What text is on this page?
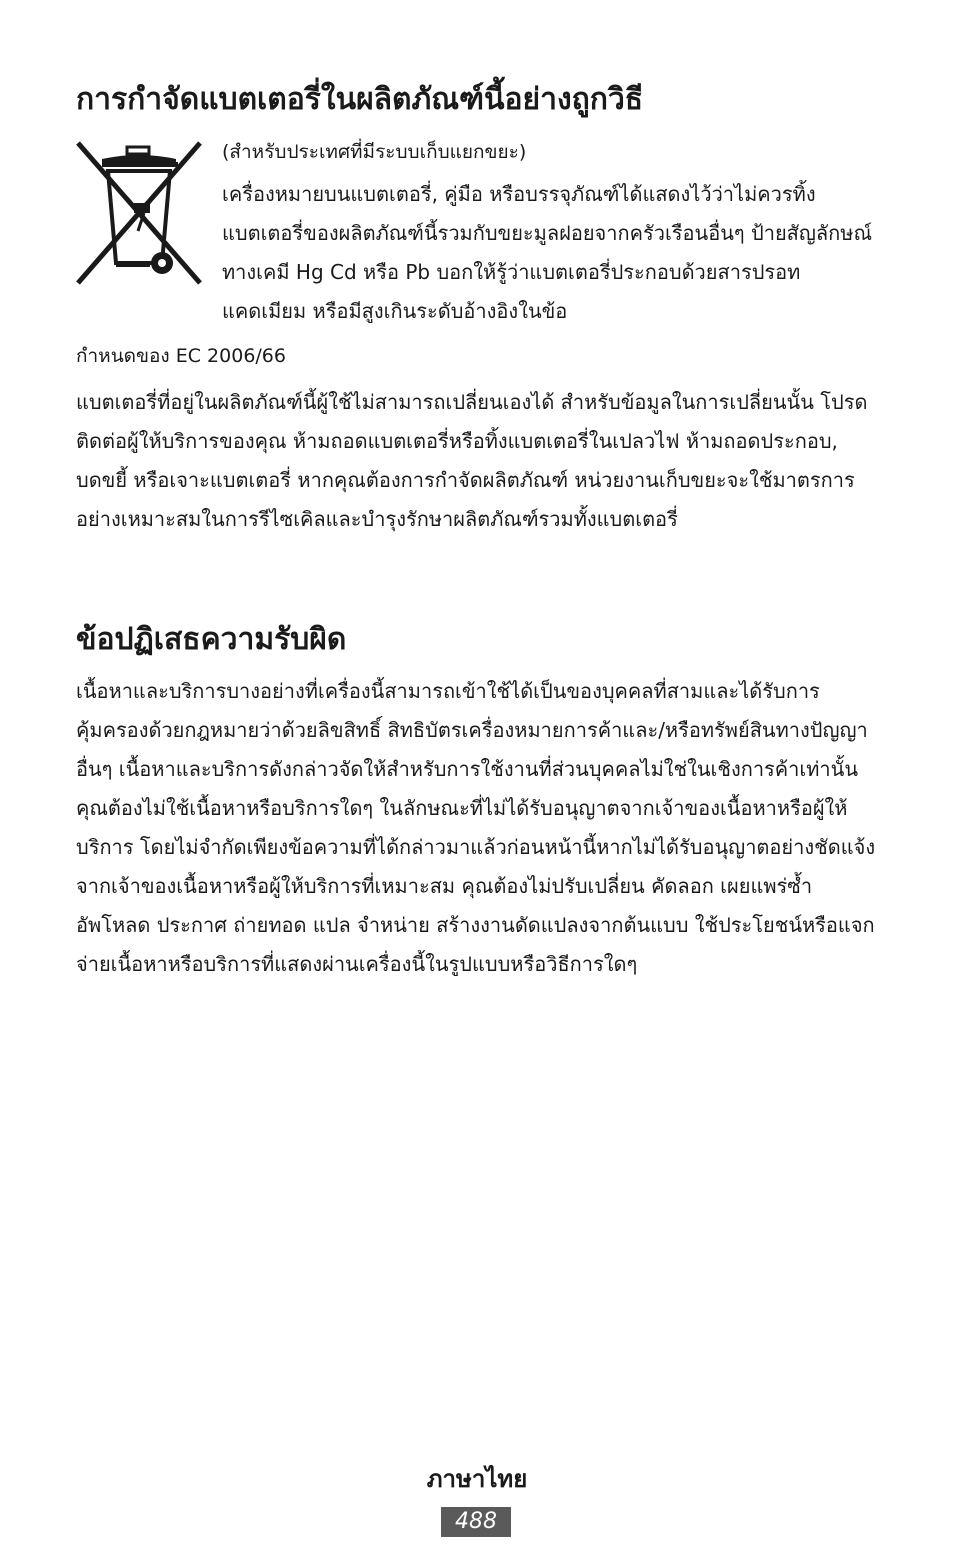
การกำจัดแบตเตอรี่ในผลิตภัณฑ์นี้อย่างถูกวิธี

(สำหรับประเทศที่มีระบบเก็บแยกขยะ)

เครื่องหมายบนแบตเตอรี่, คู่มือ หรือบรรจุภัณฑ์ได้แสดงไว้ว่าไม่ควรทิ้งแบตเตอรี่ของผลิตภัณฑ์นี้รวมกับขยะมูลฝอยจากครัวเรือนอื่นๆ ป้ายสัญลักษณ์ทางเคมี Hg Cd หรือ Pb บอกให้รู้ว่าแบตเตอรี่ประกอบด้วยสารปรอท แคดเมียม หรือมีสูงเกินระดับอ้างอิงในข้อ

กำหนดของ EC 2006/66

แบตเตอรี่ที่อยู่ในผลิตภัณฑ์นี้ผู้ใช้ไม่สามารถเปลี่ยนเองได้ สำหรับข้อมูลในการเปลี่ยนนั้น โปรดติดต่อผู้ให้บริการของคุณ ห้ามถอดแบตเตอรี่หรือทิ้งแบตเตอรี่ในเปลวไฟ ห้ามถอดประกอบ, บดขยี้ หรือเจาะแบตเตอรี่ หากคุณต้องการกำจัดผลิตภัณฑ์ หน่วยงานเก็บขยะจะใช้มาตรการอย่างเหมาะสมในการรีไซเคิลและบำรุงรักษาผลิตภัณฑ์รวมทั้งแบตเตอรี่

ข้อปฏิเสธความรับผิด

เนื้อหาและบริการบางอย่างที่เครื่องนี้สามารถเข้าใช้ได้เป็นของบุคคลที่สามและได้รับการคุ้มครองด้วยกฎหมายว่าด้วยลิขสิทธิ์ สิทธิบัตรเครื่องหมายการค้าและ/หรือทรัพย์สินทางปัญญาอื่นๆ เนื้อหาและบริการดังกล่าวจัดให้สำหรับการใช้งานที่ส่วนบุคคลไม่ใช่ในเชิงการค้าเท่านั้น คุณต้องไม่ใช้เนื้อหาหรือบริการใดๆ ในลักษณะที่ไม่ได้รับอนุญาตจากเจ้าของเนื้อหาหรือผู้ให้บริการ โดยไม่จำกัดเพียงข้อความที่ได้กล่าวมาแล้วก่อนหน้านี้หากไม่ได้รับอนุญาตอย่างชัดแจ้งจากเจ้าของเนื้อหาหรือผู้ให้บริการที่เหมาะสม คุณต้องไม่ปรับเปลี่ยน คัดลอก เผยแพร่ซ้ำ อัพโหลด ประกาศ ถ่ายทอด แปล จำหน่าย สร้างงานดัดแปลงจากต้นแบบ ใช้ประโยชน์หรือแจกจ่ายเนื้อหาหรือบริการที่แสดงผ่านเครื่องนี้ในรูปแบบหรือวิธีการใดๆ

ภาษาไทย
488
